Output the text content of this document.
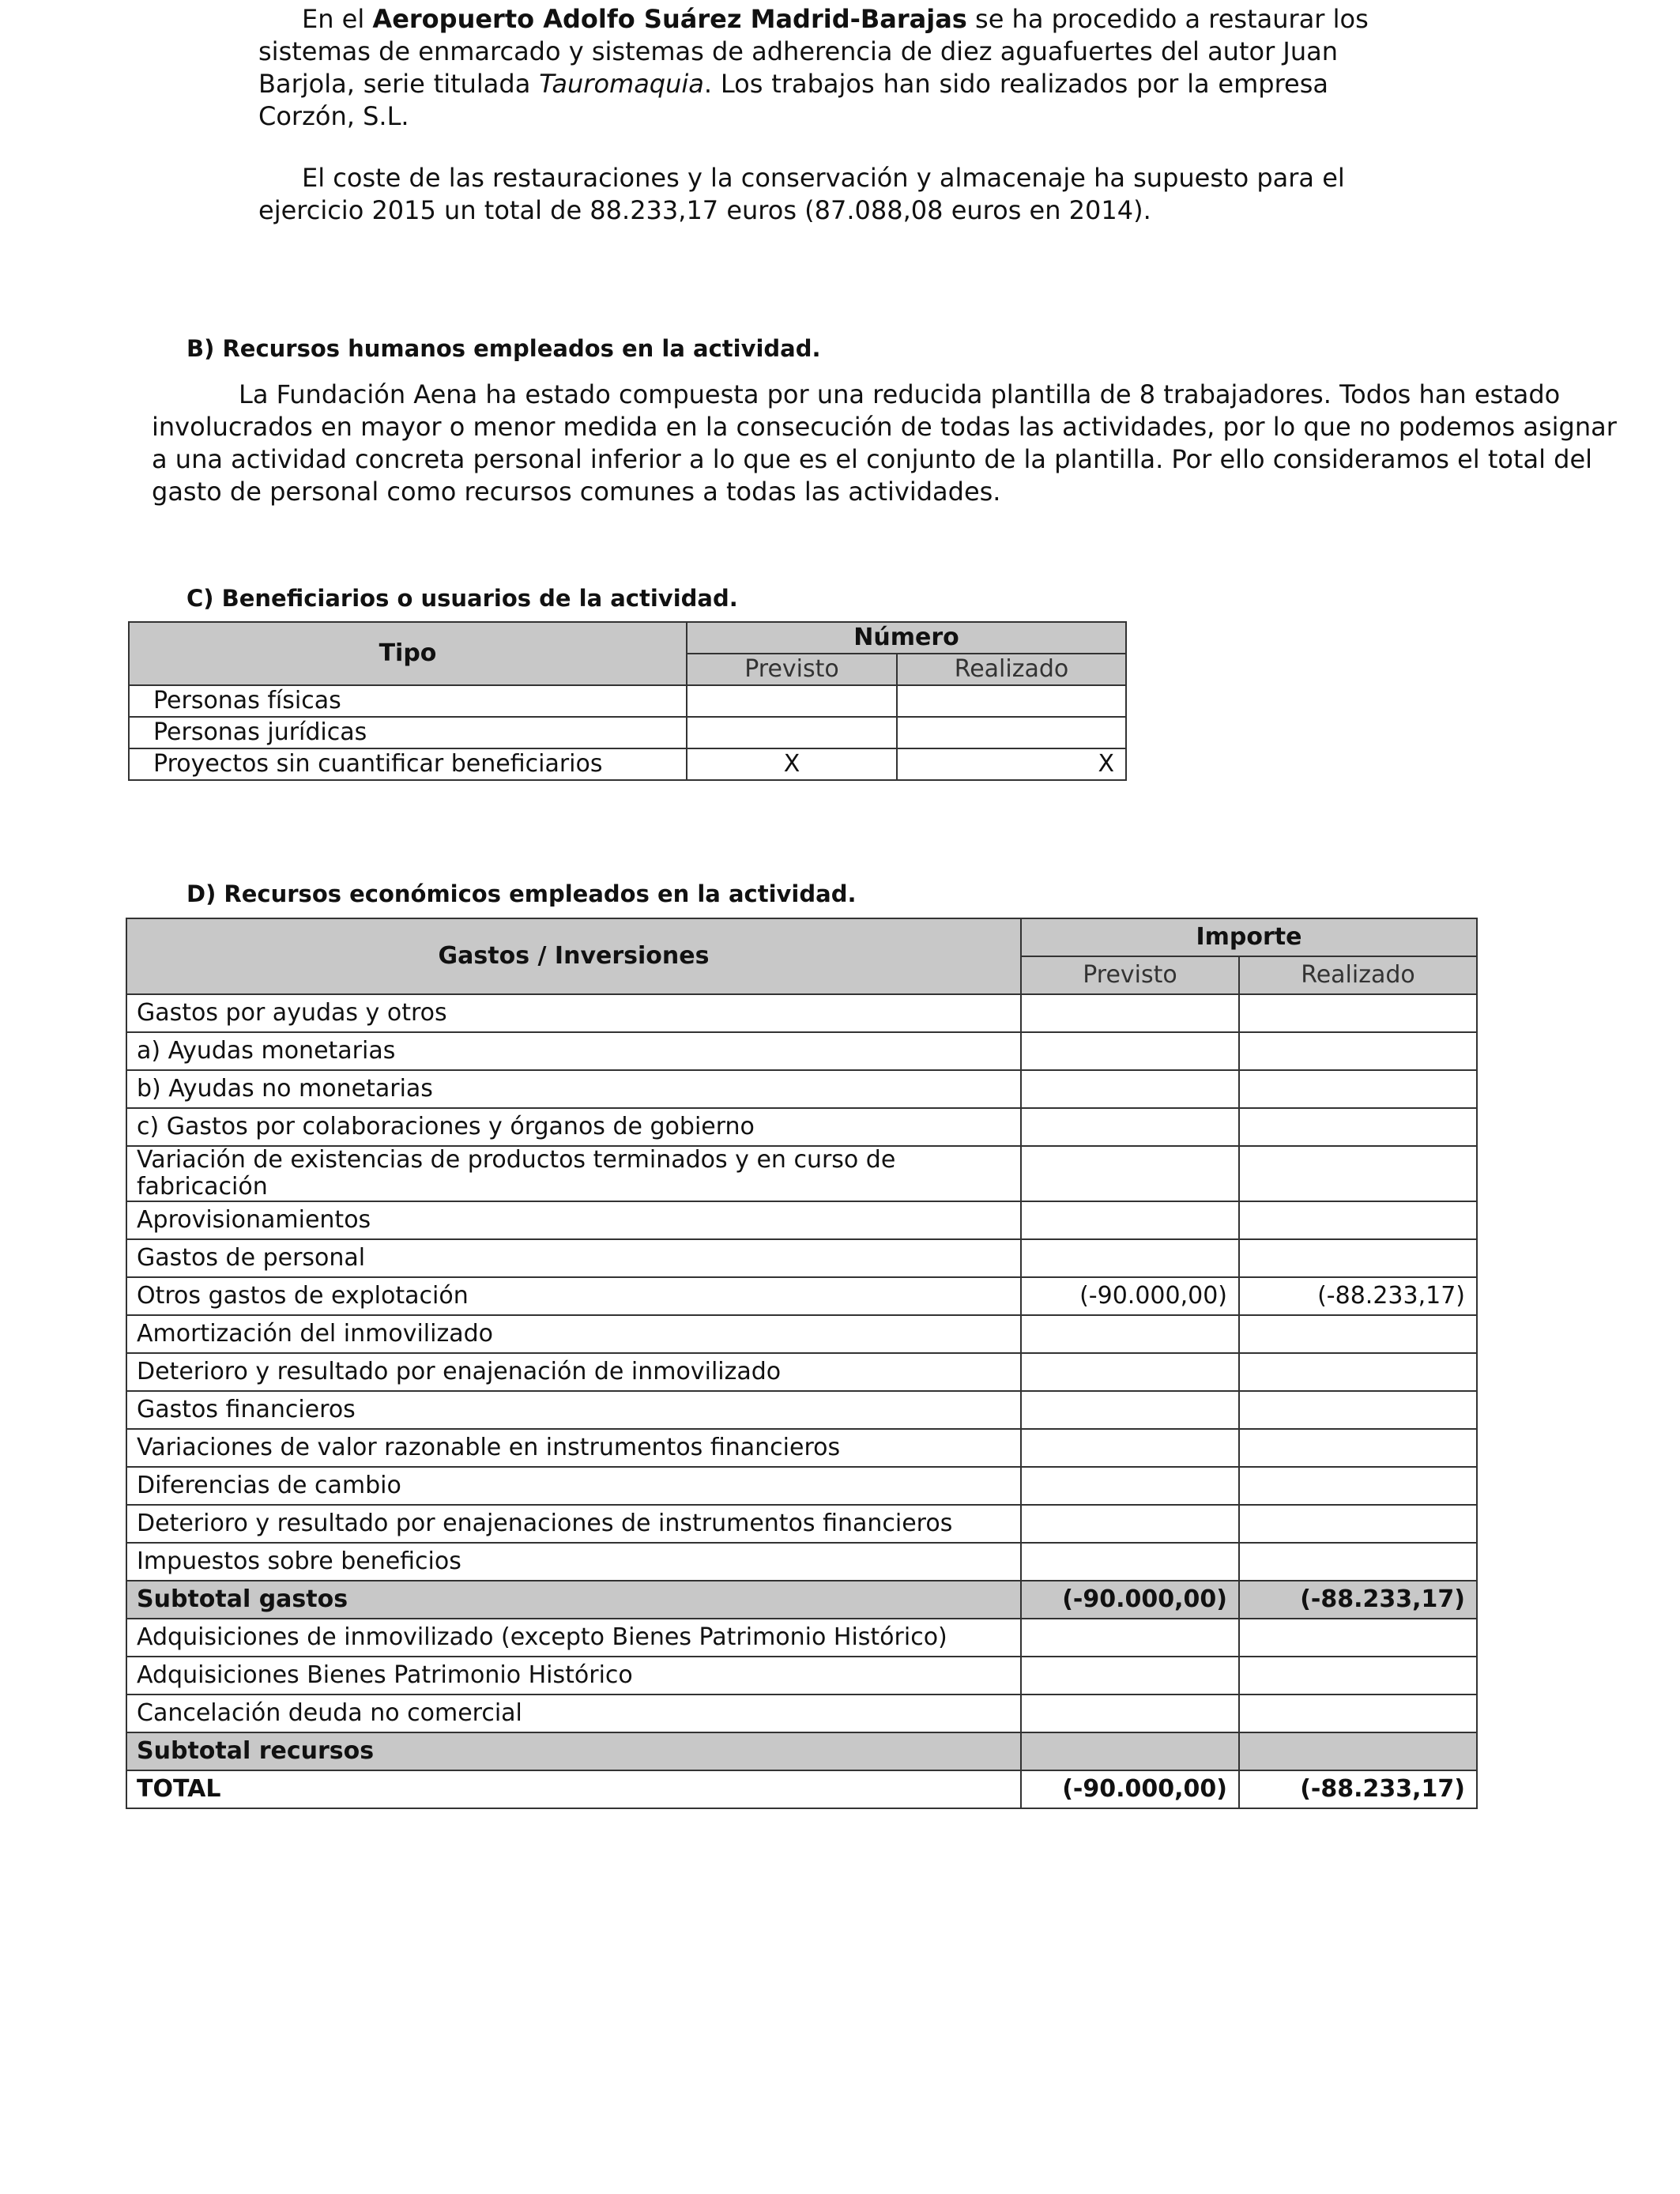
En el Aeropuerto Adolfo Suárez Madrid-Barajas se ha procedido a restaurar los
sistemas de enmarcado y sistemas de adherencia de diez aguafuertes del autor Juan
Barjola, serie titulada Tauromaquia. Los trabajos han sido realizados por la empresa
Corzón, S.L.
El coste de las restauraciones y la conservación y almacenaje ha supuesto para el
ejercicio 2015 un total de 88.233,17 euros (87.088,08 euros en 2014).
B) Recursos humanos empleados en la actividad.
La Fundación Aena ha estado compuesta por una reducida plantilla de 8 trabajadores. Todos han estado
involucrados en mayor o menor medida en la consecución de todas las actividades, por lo que no podemos asignar
a una actividad concreta personal inferior a lo que es el conjunto de la plantilla. Por ello consideramos el total del
gasto de personal como recursos comunes a todas las actividades.
C) Beneficiarios o usuarios de la actividad.
Tipo	Número	
	Previsto	Realizado
Personas físicas		
Personas jurídicas		
Proyectos sin cuantificar beneficiarios	X	X
D) Recursos económicos empleados en la actividad.
Gastos / Inversiones	Importe	
	Previsto	Realizado
Gastos por ayudas y otros		
a) Ayudas monetarias		
b) Ayudas no monetarias		
c) Gastos por colaboraciones y órganos de gobierno		
Variación de existencias de productos terminados y en curso de fabricación		
Aprovisionamientos		
Gastos de personal		
Otros gastos de explotación	(-90.000,00)	(-88.233,17)
Amortización del inmovilizado		
Deterioro y resultado por enajenación de inmovilizado		
Gastos financieros		
Variaciones de valor razonable en instrumentos financieros		
Diferencias de cambio		
Deterioro y resultado por enajenaciones de instrumentos financieros		
Impuestos sobre beneficios		
Subtotal gastos	(-90.000,00)	(-88.233,17)
Adquisiciones de inmovilizado (excepto Bienes Patrimonio Histórico)		
Adquisiciones Bienes Patrimonio Histórico		
Cancelación deuda no comercial		
Subtotal recursos		
TOTAL	(-90.000,00)	(-88.233,17)
